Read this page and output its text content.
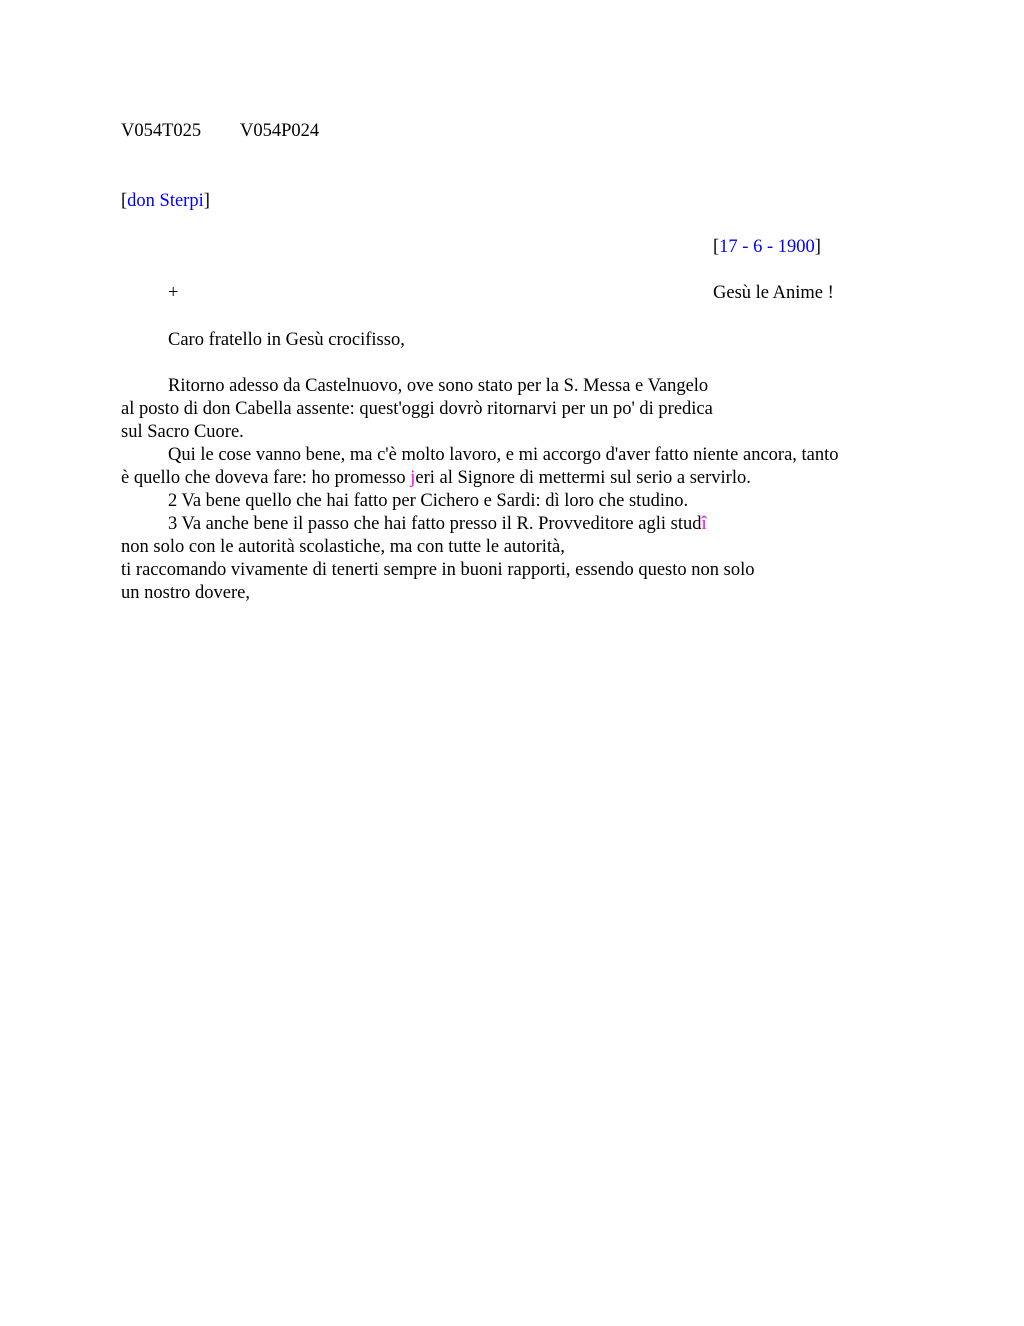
V054T025 V054P024
[don Sterpi]
[17 - 6 - 1900]
+	Gesù le Anime !
Caro fratello in Gesù crocifisso,
Ritorno adesso da Castelnuovo, ove sono stato per la S. Messa e Vangelo
al posto di don Cabella assente: quest'oggi dovrò ritornarvi per un po' di predica
sul Sacro Cuore.
Qui le cose vanno bene, ma c'è molto lavoro, e mi accorgo d'aver fatto niente ancora, tanto
è quello che doveva fare: ho promesso jeri al Signore di mettermi sul serio a servirlo.
2 Va bene quello che hai fatto per Cichero e Sardi: dì loro che studino.
3 Va anche bene il passo che hai fatto presso il R. Provveditore agli studî
non solo con le autorità scolastiche, ma con tutte le autorità,
ti raccomando vivamente di tenerti sempre in buoni rapporti, essendo questo non solo
un nostro dovere,
